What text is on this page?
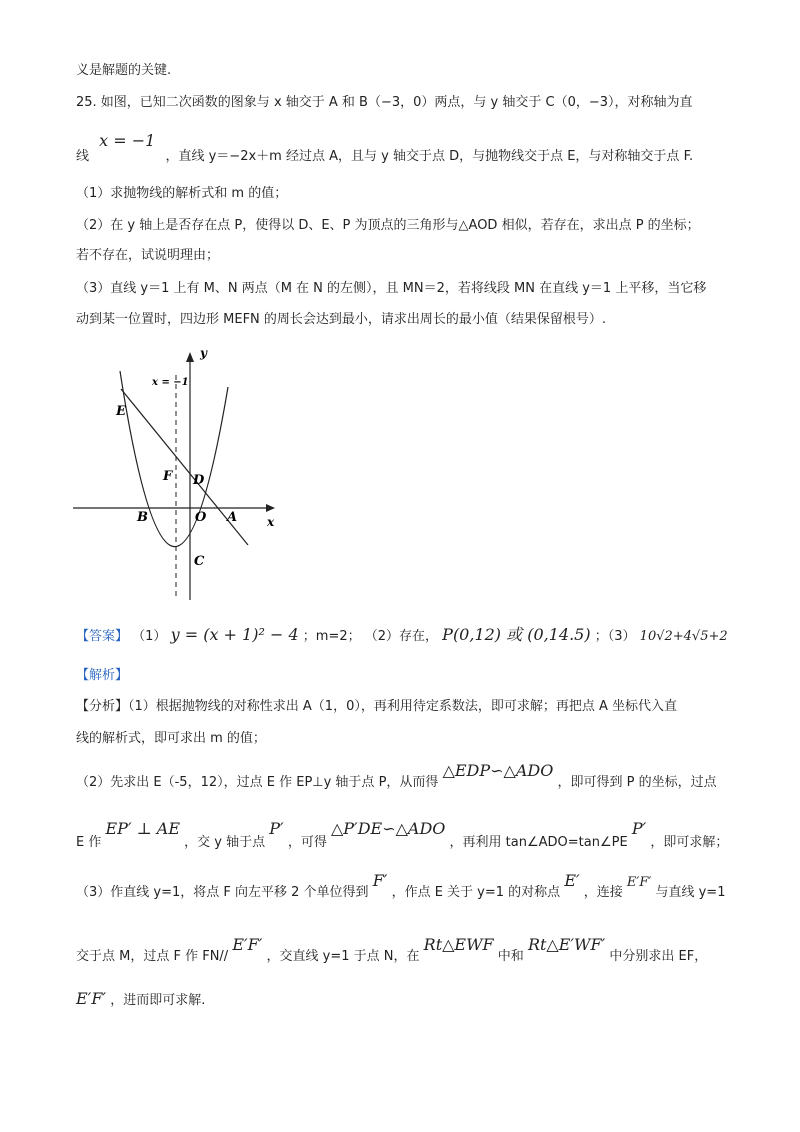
义是解题的关键.
25. 如图，已知二次函数的图象与 x 轴交于 A 和 B（−3，0）两点，与 y 轴交于 C（0，−3），对称轴为直
线 x = −1 ，直线 y＝−2x＋m 经过点 A，且与 y 轴交于点 D，与抛物线交于点 E，与对称轴交于点 F.
（1）求抛物线的解析式和 m 的值；
（2）在 y 轴上是否存在点 P，使得以 D、E、P 为顶点的三角形与△AOD 相似，若存在，求出点 P 的坐标；
若不存在，试说明理由；
（3）直线 y＝1 上有 M、N 两点（M 在 N 的左侧），且 MN＝2，若将线段 MN 在直线 y＝1 上平移，当它移
动到某一位置时，四边形 MEFN 的周长会达到最小，请求出周长的最小值（结果保留根号）.
y
x
x = −1
E
F D
B	O A
C
【答案】 （1） y = (x + 1)² − 4 ；m=2； （2）存在， P(0,12) 或 (0,14.5) ；（3） 10√2+4√5+2
【解析】
【分析】（1）根据抛物线的对称性求出 A（1，0），再利用待定系数法，即可求解；再把点 A 坐标代入直
线的解析式，即可求出 m 的值；
（2）先求出 E（-5，12），过点 E 作 EP⊥y 轴于点 P，从而得 △EDP∽△ADO ，即可得到 P 的坐标，过点
E 作 EP′ ⊥ AE ，交 y 轴于点 P′ ，可得 △P′DE∽△ADO ，再利用 tan∠ADO=tan∠PE P′ ，即可求解；
（3）作直线 y=1，将点 F 向左平移 2 个单位得到 F′ ，作点 E 关于 y=1 的对称点 E′ ，连接 E′F′ 与直线 y=1
交于点 M，过点 F 作 FN// E′F′ ，交直线 y=1 于点 N，在 Rt△EWF 中和 Rt△E′WF′ 中分别求出 EF，
E′F′ ，进而即可求解.
